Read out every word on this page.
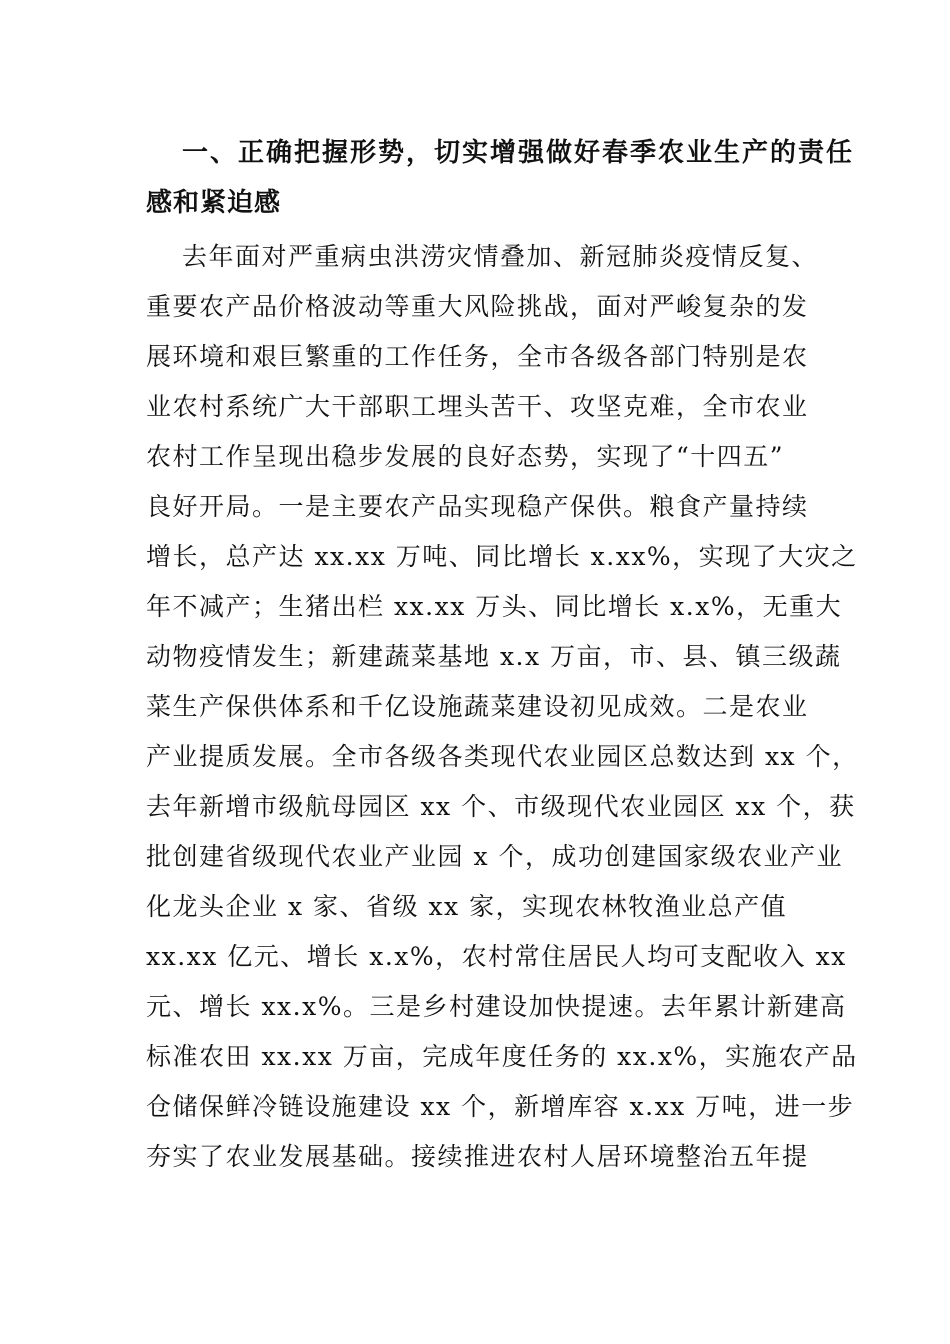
一、正确把握形势，切实增强做好春季农业生产的责任
感和紧迫感
去年面对严重病虫洪涝灾情叠加、新冠肺炎疫情反复、
重要农产品价格波动等重大风险挑战，面对严峻复杂的发
展环境和艰巨繁重的工作任务，全市各级各部门特别是农
业农村系统广大干部职工埋头苦干、攻坚克难，全市农业
农村工作呈现出稳步发展的良好态势，实现了“十四五”
良好开局。一是主要农产品实现稳产保供。粮食产量持续
增长，总产达 xx.xx 万吨、同比增长 x.xx%，实现了大灾之
年不减产；生猪出栏 xx.xx 万头、同比增长 x.x%，无重大
动物疫情发生；新建蔬菜基地 x.x 万亩，市、县、镇三级蔬
菜生产保供体系和千亿设施蔬菜建设初见成效。二是农业
产业提质发展。全市各级各类现代农业园区总数达到 xx 个，
去年新增市级航母园区 xx 个、市级现代农业园区 xx 个，获
批创建省级现代农业产业园 x 个，成功创建国家级农业产业
化龙头企业 x 家、省级 xx 家，实现农林牧渔业总产值
xx.xx 亿元、增长 x.x%，农村常住居民人均可支配收入 xx
元、增长 xx.x%。三是乡村建设加快提速。去年累计新建高
标准农田 xx.xx 万亩，完成年度任务的 xx.x%，实施农产品
仓储保鲜冷链设施建设 xx 个，新增库容 x.xx 万吨，进一步
夯实了农业发展基础。接续推进农村人居环境整治五年提
